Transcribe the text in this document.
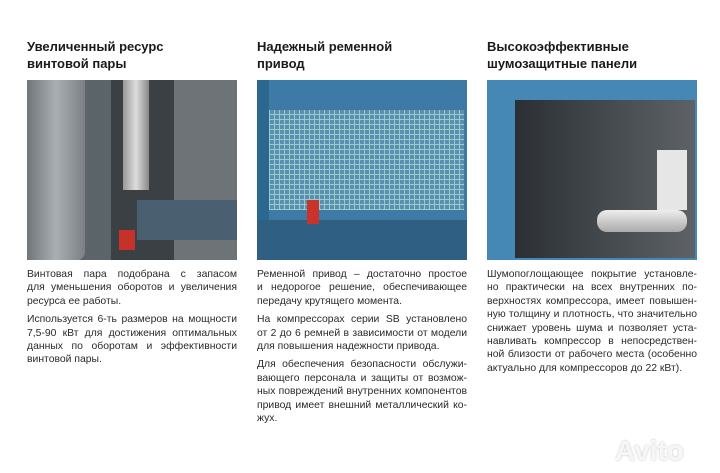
Увеличенный ресурс
винтовой пары
Винтовая пара подобрана с запасом
для уменьшения оборотов и увеличения
ресурса ее работы.
Используется 6-ть размеров на мощности
7,5-90 кВт для достижения оптимальных
данных по оборотам и эффективности
винтовой пары.
Надежный ременной
привод
Ременной привод – достаточно простое
и недорогое решение, обеспечивающее
передачу крутящего момента.
На компрессорах серии SB установлено
от 2 до 6 ремней в зависимости от модели
для повышения надежности привода.
Для обеспечения безопасности обслужи-
вающего персонала и защиты от возмож-
ных повреждений внутренних компонентов
привод имеет внешний металлический ко-
жух.
Высокоэффективные
шумозащитные панели
Шумопоглощающее покрытие установле-
но практически на всех внутренних по-
верхностях компрессора, имеет повышен-
ную толщину и плотность, что значительно
снижает уровень шума и позволяет уста-
навливать компрессор в непосредствен-
ной близости от рабочего места (особенно
актуально для компрессоров до 22 кВт).
Avito
